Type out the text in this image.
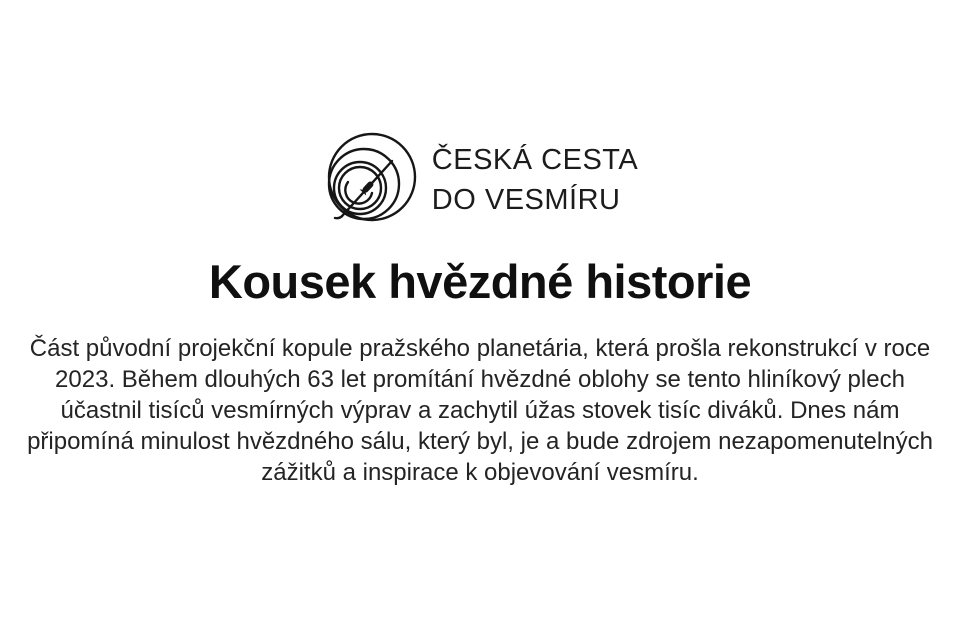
ČESKÁ CESTA
DO VESMÍRU
Kousek hvězdné historie

Část původní projekční kopule pražského planetária, která prošla rekonstrukcí v roce 2023. Během dlouhých 63 let promítání hvězdné oblohy se tento hliníkový plech účastnil tisíců vesmírných výprav a zachytil úžas stovek tisíc diváků. Dnes nám připomíná minulost hvězdného sálu, který byl, je a bude zdrojem nezapomenutelných zážitků a inspirace k objevování vesmíru.
